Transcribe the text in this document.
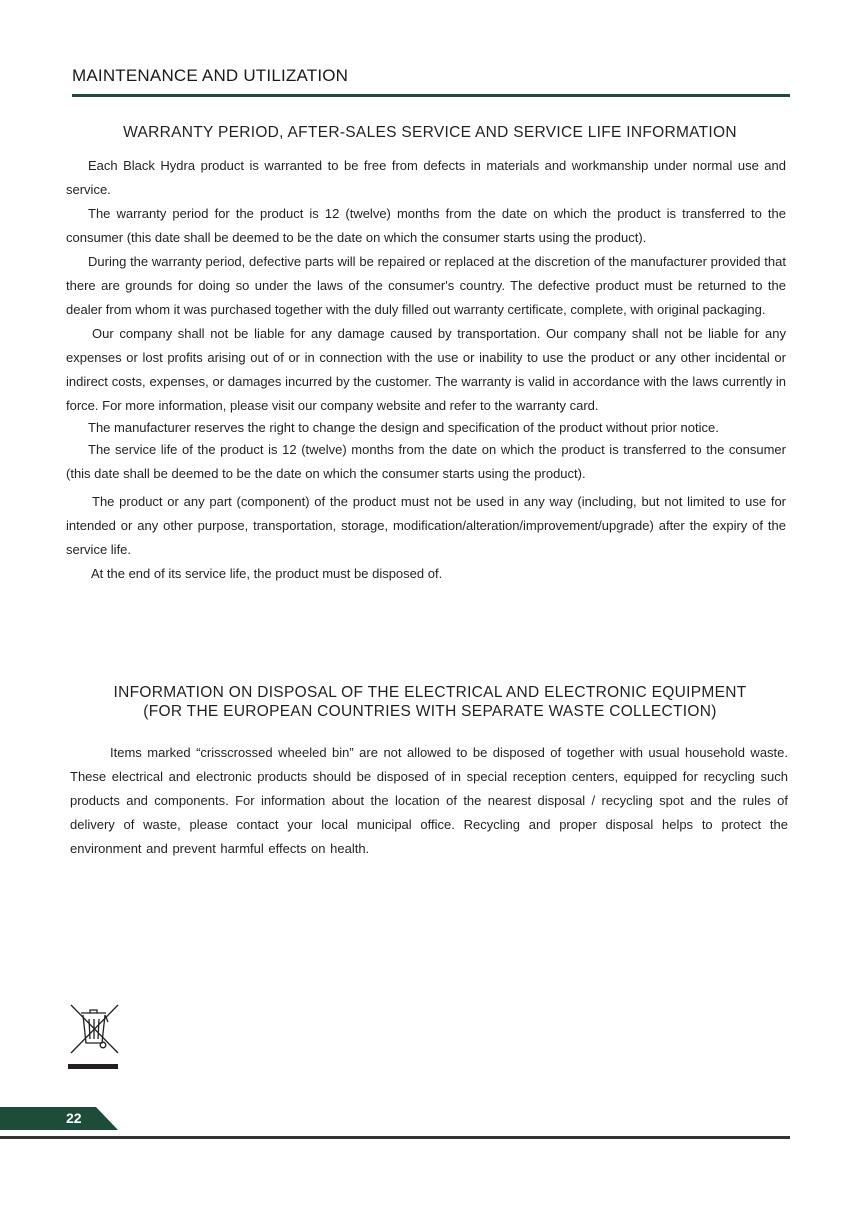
MAINTENANCE AND UTILIZATION
WARRANTY PERIOD, AFTER-SALES SERVICE AND SERVICE LIFE INFORMATION

Each Black Hydra product is warranted to be free from defects in materials and workmanship under normal use and service.

The warranty period for the product is 12 (twelve) months from the date on which the product is transferred to the consumer (this date shall be deemed to be the date on which the consumer starts using the product).

During the warranty period, defective parts will be repaired or replaced at the discretion of the manufacturer provided that there are grounds for doing so under the laws of the consumer's country. The defective product must be returned to the dealer from whom it was purchased together with the duly filled out warranty certificate, complete, with original packaging.

Our company shall not be liable for any damage caused by transportation. Our company shall not be liable for any expenses or lost profits arising out of or in connection with the use or inability to use the product or any other incidental or indirect costs, expenses, or damages incurred by the customer. The warranty is valid in accordance with the laws currently in force. For more information, please visit our company website and refer to the warranty card.

The manufacturer reserves the right to change the design and specification of the product without prior notice.

The service life of the product is 12 (twelve) months from the date on which the product is transferred to the consumer (this date shall be deemed to be the date on which the consumer starts using the product).

The product or any part (component) of the product must not be used in any way (including, but not limited to use for intended or any other purpose, transportation, storage, modification/alteration/improvement/upgrade) after the expiry of the service life.

At the end of its service life, the product must be disposed of.

INFORMATION ON DISPOSAL OF THE ELECTRICAL AND ELECTRONIC EQUIPMENT
(FOR THE EUROPEAN COUNTRIES WITH SEPARATE WASTE COLLECTION)

Items marked “crisscrossed wheeled bin” are not allowed to be disposed of together with usual household waste. These electrical and electronic products should be disposed of in special reception centers, equipped for recycling such products and components. For information about the location of the nearest disposal / recycling spot and the rules of delivery of waste, please contact your local municipal office. Recycling and proper disposal helps to protect the environment and prevent harmful effects on health.

22
